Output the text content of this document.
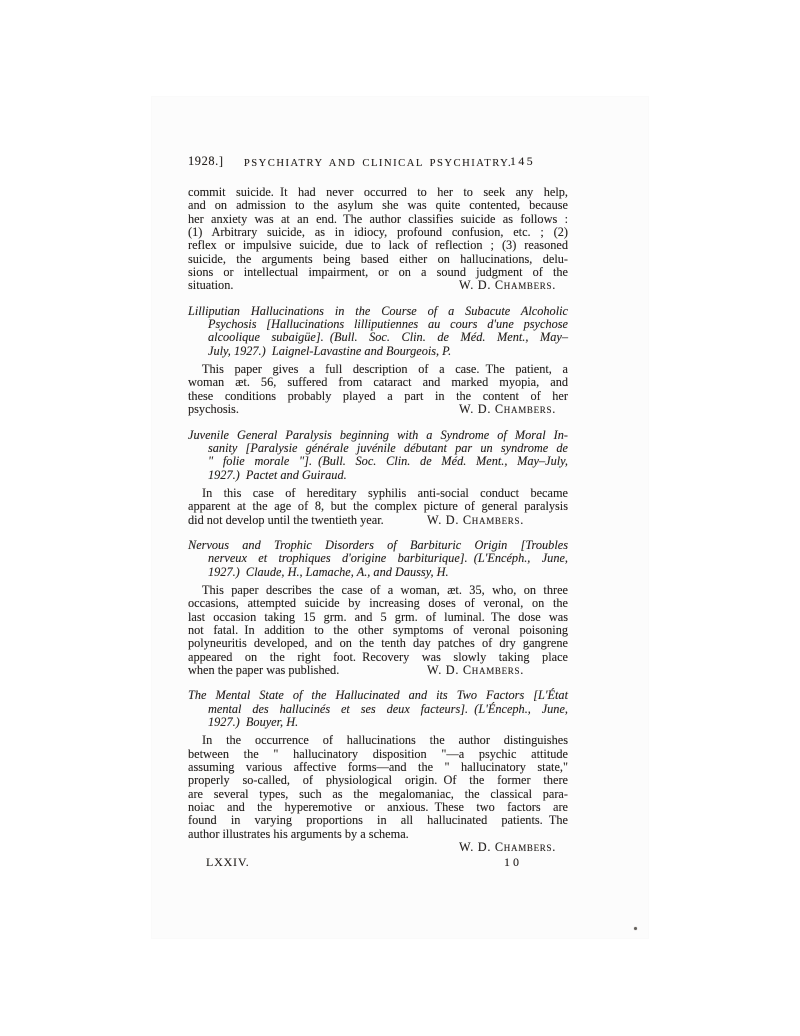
1928.]	PSYCHIATRY AND CLINICAL PSYCHIATRY.
145
commit suicide. It had never occurred to her to seek any help,
and on admission to the asylum she was quite contented, because
her anxiety was at an end. The author classifies suicide as follows :
(1) Arbitrary suicide, as in idiocy, profound confusion, etc. ; (2)
reflex or impulsive suicide, due to lack of reflection ; (3) reasoned
suicide, the arguments being based either on hallucinations, delu-
sions or intellectual impairment, or on a sound judgment of the
situation.	W. D. Chambers.
Lilliputian Hallucinations in the Course of a Subacute Alcoholic
Psychosis [Hallucinations lilliputiennes au cours d'une psychose
alcoolique subaigüe]. (Bull. Soc. Clin. de Méd. Ment., May–
July, 1927.) Laignel-Lavastine and Bourgeois, P.
This paper gives a full description of a case. The patient, a
woman æt. 56, suffered from cataract and marked myopia, and
these conditions probably played a part in the content of her
psychosis.	W. D. Chambers.
Juvenile General Paralysis beginning with a Syndrome of Moral In-
sanity [Paralysie générale juvénile débutant par un syndrome de
" folie morale "]. (Bull. Soc. Clin. de Méd. Ment., May–July,
1927.) Pactet and Guiraud.
In this case of hereditary syphilis anti-social conduct became
apparent at the age of 8, but the complex picture of general paralysis
did not develop until the twentieth year.	W. D. Chambers.
Nervous and Trophic Disorders of Barbituric Origin [Troubles
nerveux et trophiques d'origine barbiturique]. (L'Encéph., June,
1927.) Claude, H., Lamache, A., and Daussy, H.
This paper describes the case of a woman, æt. 35, who, on three
occasions, attempted suicide by increasing doses of veronal, on the
last occasion taking 15 grm. and 5 grm. of luminal. The dose was
not fatal. In addition to the other symptoms of veronal poisoning
polyneuritis developed, and on the tenth day patches of dry gangrene
appeared on the right foot. Recovery was slowly taking place
when the paper was published.	W. D. Chambers.
The Mental State of the Hallucinated and its Two Factors [L'État
mental des hallucinés et ses deux facteurs]. (L'Énceph., June,
1927.) Bouyer, H.
In the occurrence of hallucinations the author distinguishes
between the " hallucinatory disposition "—a psychic attitude
assuming various affective forms—and the " hallucinatory state,"
properly so-called, of physiological origin. Of the former there
are several types, such as the megalomaniac, the classical para-
noiac and the hyperemotive or anxious. These two factors are
found in varying proportions in all hallucinated patients. The
author illustrates his arguments by a schema.
W. D. Chambers.
LXXIV.	10
